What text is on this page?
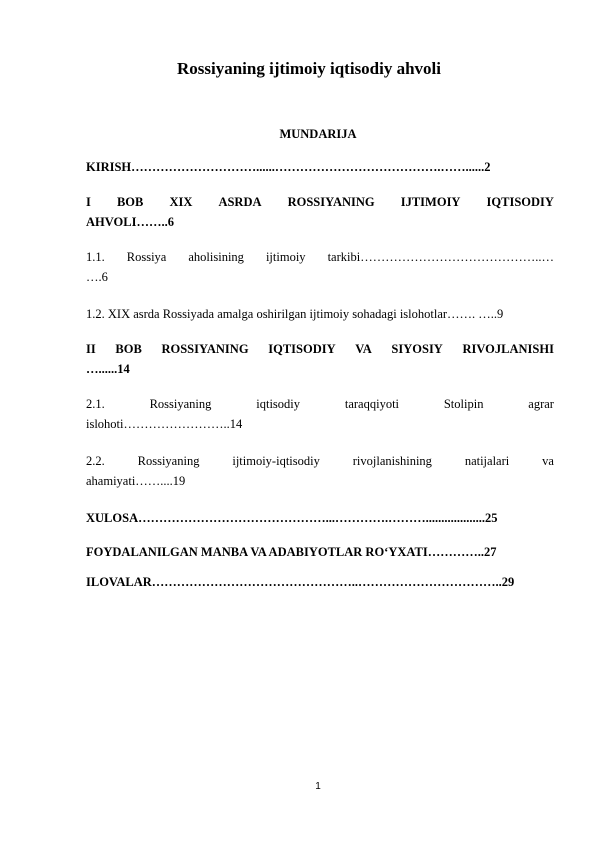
Rossiyaning ijtimoiy iqtisodiy ahvoli
MUNDARIJA
KIRISH…………………………......………………………………….……......2
I BOB XIX ASRDA ROSSIYANING IJTIMOIY IQTISODIY
AHVOLI……..6
1.1. Rossiya aholisining ijtimoiy tarkibi……………………………………..…
….6
1.2. XIX asrda Rossiyada amalga oshirilgan ijtimoiy sohadagi islohotlar……. …..9
II BOB ROSSIYANING IQTISODIY VA SIYOSIY RIVOJLANISHI
…......14
2.1.	Rossiyaning	iqtisodiy	taraqqiyoti	Stolipin	agrar
islohoti……………………..14
2.2.	Rossiyaning	ijtimoiy-iqtisodiy	rivojlanishining	natijalari	va
ahamiyati……....19
XULOSA………………………………………...………….………...................25
FOYDALANILGAN MANBA VA ADABIYOTLAR RO‘YXATI…………..27
ILOVALAR…………………………………………..……………………………..29
1
